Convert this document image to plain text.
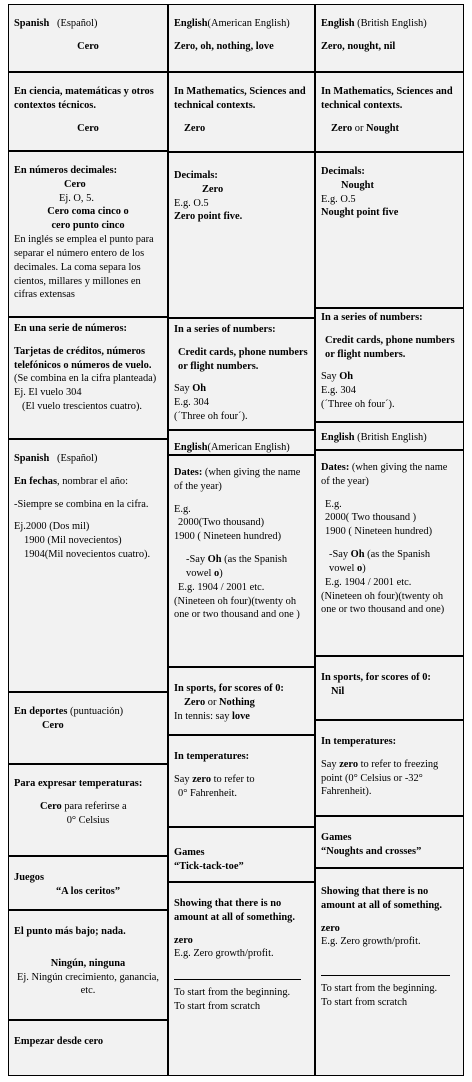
Spanish (Español)
Cero
En ciencia, matemáticas y otros contextos técnicos.
Cero
En números decimales:
Cero
Ej. O, 5.
Cero coma cinco o
cero punto cinco
En inglés se emplea el punto para separar el número entero de los decimales. La coma separa los cientos, millares y millones en cifras extensas
En una serie de números:
Tarjetas de créditos, números telefónicos o números de vuelo.
(Se combina en la cifra planteada)
Ej. El vuelo 304
(El vuelo trescientos cuatro).
Spanish (Español)
En fechas, nombrar el año:
-Siempre se combina en la cifra.
Ej.2000 (Dos mil)
1900 (Mil novecientos)
1904(Mil novecientos cuatro).
En deportes (puntuación)
Cero
Para expresar temperaturas:
Cero para referirse a
0° Celsius
Juegos
“A los ceritos”
El punto más bajo; nada.
Ningún, ninguna
Ej. Ningún crecimiento, ganancia, etc.
Empezar desde cero
English(American English)
Zero, oh, nothing, love
In Mathematics, Sciences and technical contexts.
Zero
Decimals:
Zero
E.g. O.5
Zero point five.
In a series of numbers:
Credit cards, phone numbers or flight numbers.
Say Oh
E.g. 304
(´Three oh four´).
English(American English)
Dates: (when giving the name of the year)
E.g.
2000(Two thousand)
1900 ( Nineteen hundred)
-Say Oh (as the Spanish vowel o)
E.g. 1904 / 2001 etc.
(Nineteen oh four)(twenty oh one or two thousand and one )
In sports, for scores of 0:
Zero or Nothing
In tennis: say love
In temperatures:
Say zero to refer to
0° Fahrenheit.
Games
“Tick-tack-toe”
Showing that there is no amount at all of something.
zero
E.g. Zero growth/profit.
To start from the beginning.
To start from scratch
English (British English)
Zero, nought, nil
In Mathematics, Sciences and technical contexts.
Zero or Nought
Decimals:
Nought
E.g. O.5
Nought point five
In a series of numbers:
Credit cards, phone numbers or flight numbers.
Say Oh
E.g. 304
(´Three oh four´).
English (British English)
Dates: (when giving the name of the year)
E.g.
2000( Two thousand )
1900 ( Nineteen hundred)
-Say Oh (as the Spanish vowel o)
E.g. 1904 / 2001 etc.
(Nineteen oh four)(twenty oh one or two thousand and one)
In sports, for scores of 0:
Nil
In temperatures:
Say zero to refer to freezing point (0° Celsius or -32° Fahrenheit).
Games
“Noughts and crosses”
Showing that there is no amount at all of something.
zero
E.g. Zero growth/profit.
To start from the beginning.
To start from scratch
